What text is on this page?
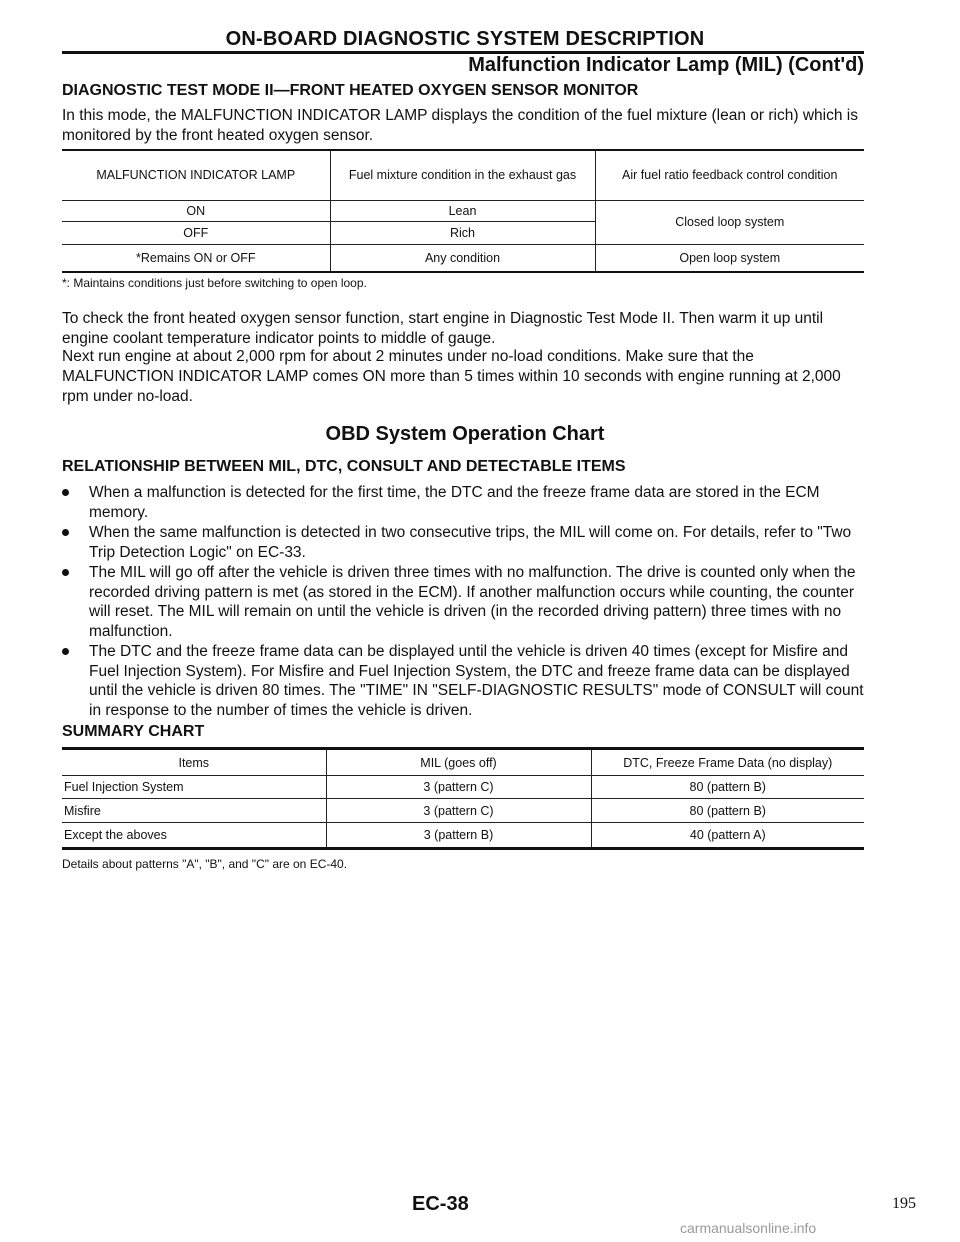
ON-BOARD DIAGNOSTIC SYSTEM DESCRIPTION
Malfunction Indicator Lamp (MIL) (Cont'd)
DIAGNOSTIC TEST MODE II—FRONT HEATED OXYGEN SENSOR MONITOR
In this mode, the MALFUNCTION INDICATOR LAMP displays the condition of the fuel mixture (lean or rich) which is monitored by the front heated oxygen sensor.
MALFUNCTION INDICATOR LAMP	Fuel mixture condition in the exhaust gas	Air fuel ratio feedback control condition
ON	Lean	Closed loop system
OFF	Rich	
*Remains ON or OFF	Any condition	Open loop system
*: Maintains conditions just before switching to open loop.
To check the front heated oxygen sensor function, start engine in Diagnostic Test Mode II. Then warm it up until engine coolant temperature indicator points to middle of gauge.
Next run engine at about 2,000 rpm for about 2 minutes under no-load conditions. Make sure that the MALFUNCTION INDICATOR LAMP comes ON more than 5 times within 10 seconds with engine running at 2,000 rpm under no-load.
OBD System Operation Chart
RELATIONSHIP BETWEEN MIL, DTC, CONSULT AND DETECTABLE ITEMS
When a malfunction is detected for the first time, the DTC and the freeze frame data are stored in the ECM memory.
When the same malfunction is detected in two consecutive trips, the MIL will come on. For details, refer to "Two Trip Detection Logic" on EC-33.
The MIL will go off after the vehicle is driven three times with no malfunction. The drive is counted only when the recorded driving pattern is met (as stored in the ECM). If another malfunction occurs while counting, the counter will reset. The MIL will remain on until the vehicle is driven (in the recorded driving pattern) three times with no malfunction.
The DTC and the freeze frame data can be displayed until the vehicle is driven 40 times (except for Misfire and Fuel Injection System). For Misfire and Fuel Injection System, the DTC and freeze frame data can be displayed until the vehicle is driven 80 times. The "TIME" IN "SELF-DIAGNOSTIC RESULTS" mode of CONSULT will count in response to the number of times the vehicle is driven.
SUMMARY CHART
Items	MIL (goes off)	DTC, Freeze Frame Data (no display)
Fuel Injection System	3 (pattern C)	80 (pattern B)
Misfire	3 (pattern C)	80 (pattern B)
Except the aboves	3 (pattern B)	40 (pattern A)
Details about patterns "A", "B", and "C" are on EC-40.
EC-38	195
carmanualsonline.info
